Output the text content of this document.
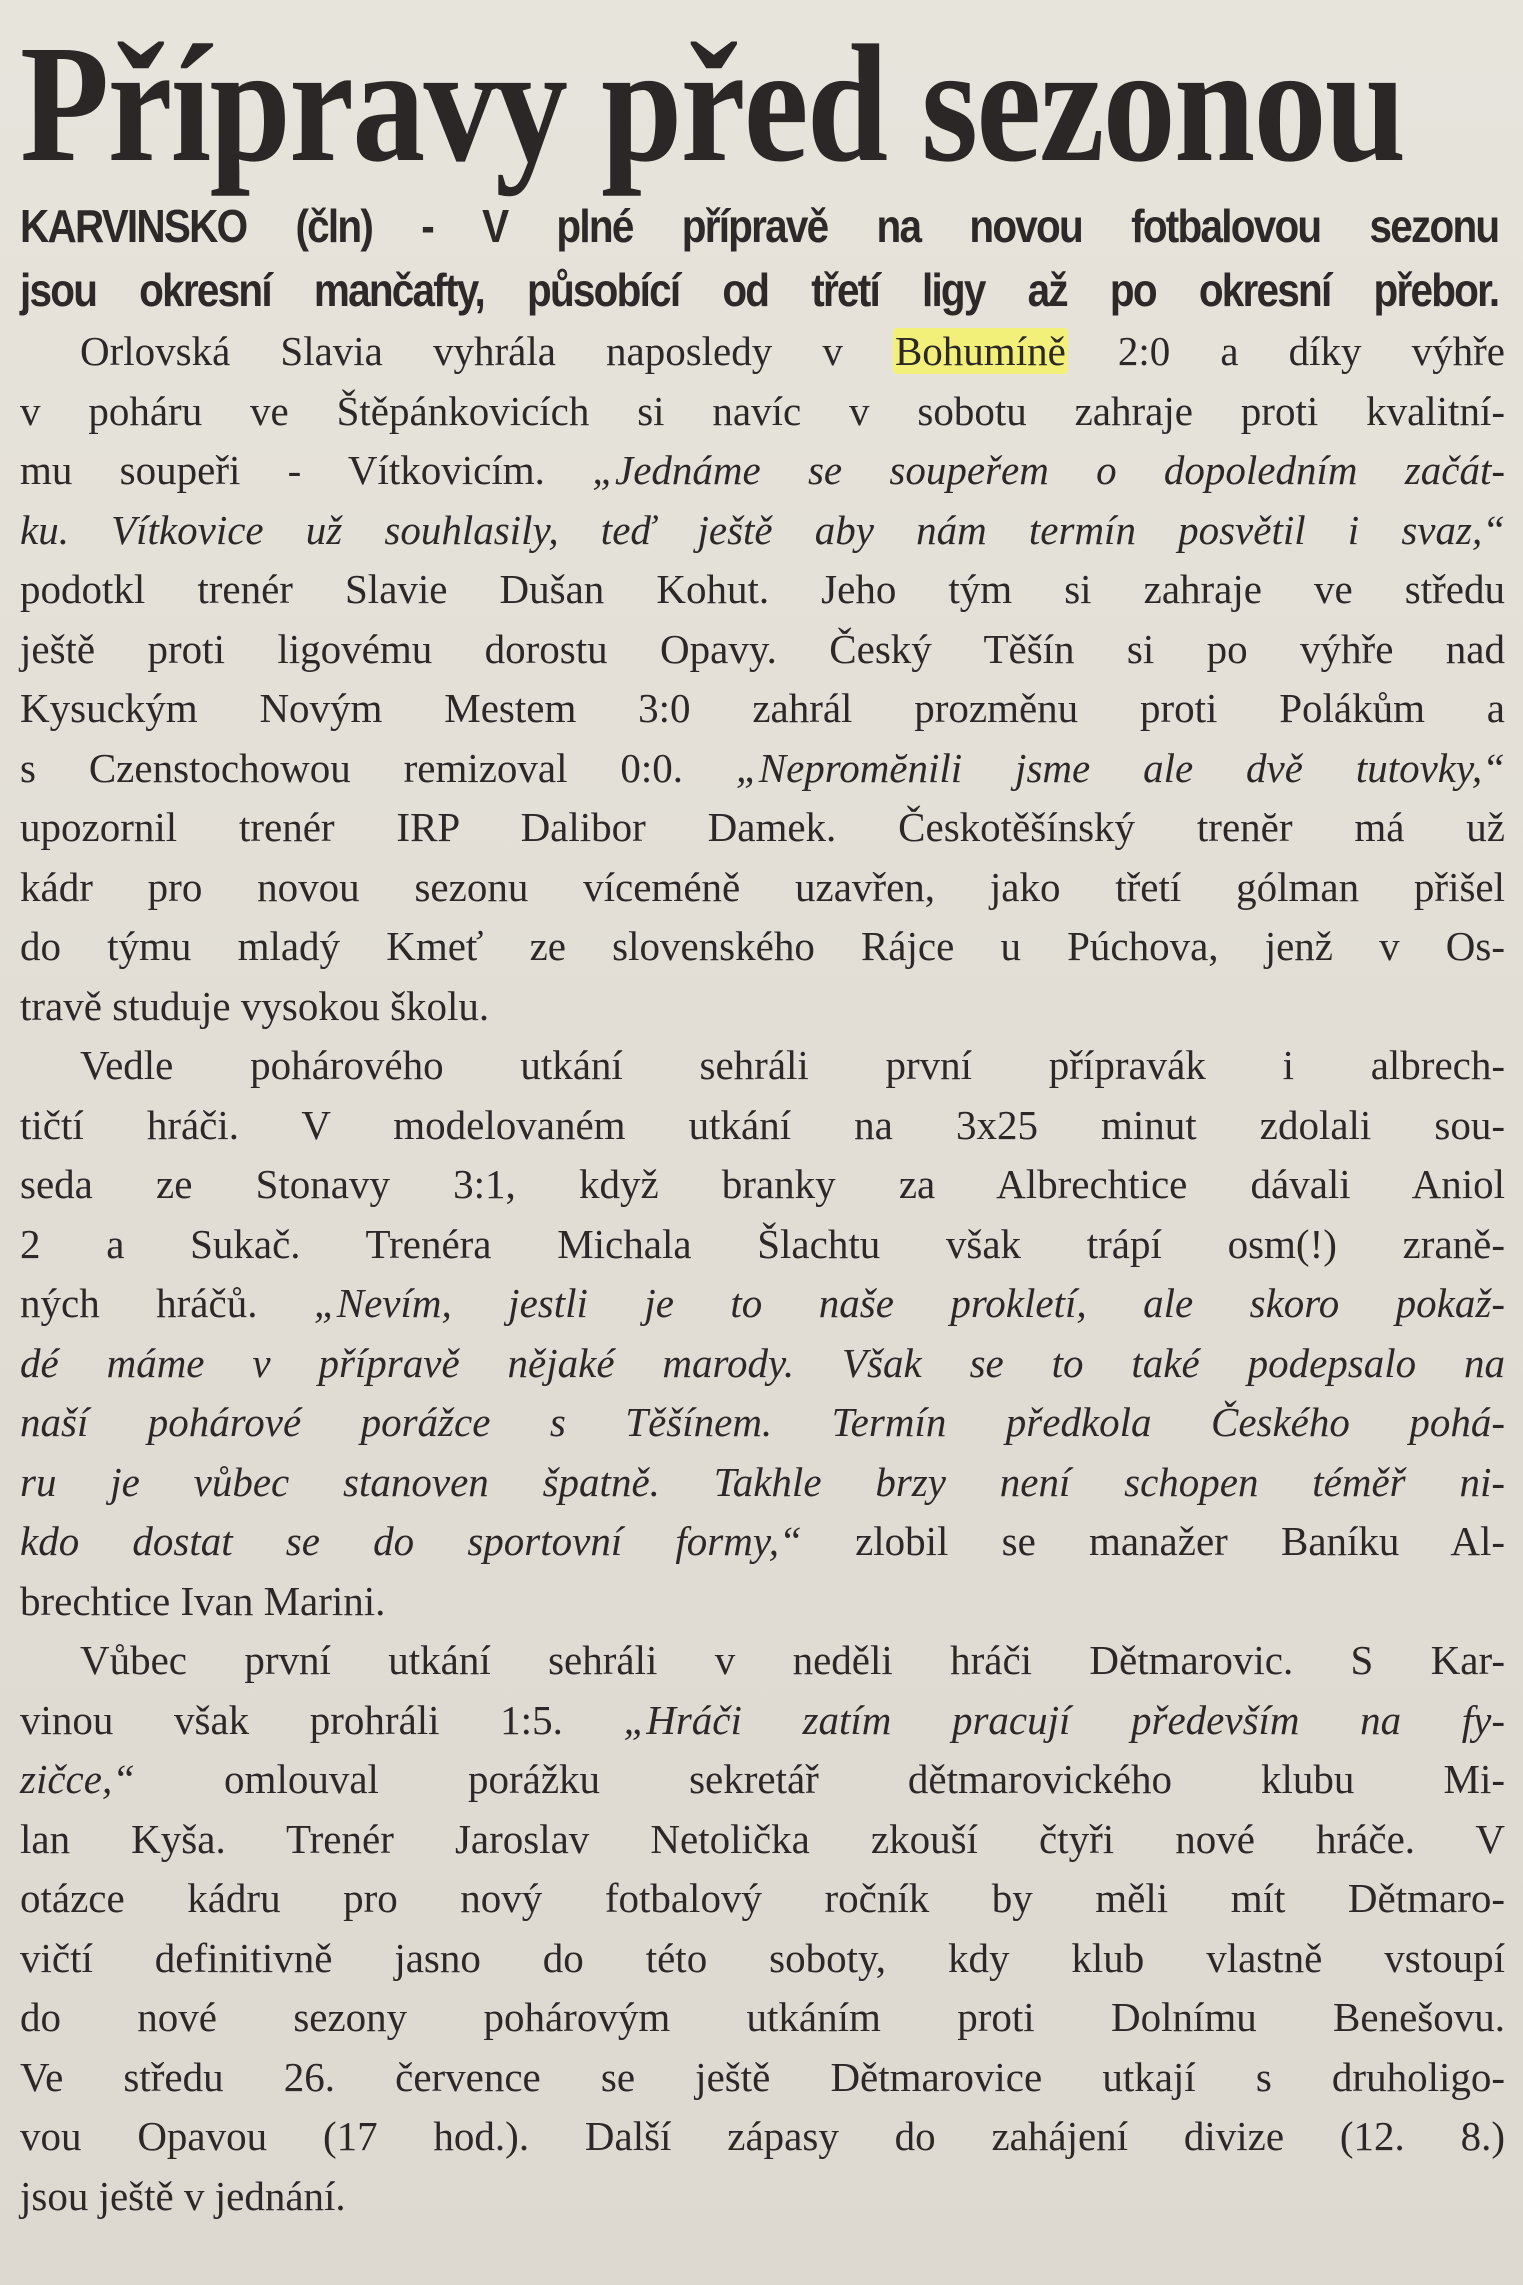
Přípravy před sezonou
KARVINSKO (čln) - V plné přípravě na novou fotbalovou sezonu
jsou okresní mančafty, působící od třetí ligy až po okresní přebor.
Orlovská Slavia vyhrála naposledy v Bohumíně 2:0 a díky výhře
v poháru ve Štěpánkovicích si navíc v sobotu zahraje proti kvalitní-
mu soupeři - Vítkovicím. „Jednáme se soupeřem o dopoledním začát-
ku. Vítkovice už souhlasily, teď ještě aby nám termín posvětil i svaz,“
podotkl trenér Slavie Dušan Kohut. Jeho tým si zahraje ve středu
ještě proti ligovému dorostu Opavy. Český Těšín si po výhře nad
Kysuckým Novým Mestem 3:0 zahrál prozměnu proti Polákům a
s Czenstochowou remizoval 0:0. „Nepromĕnili jsme ale dvě tutovky,“
upozornil trenér IRP Dalibor Damek. Českotěšínský trenĕr má už
kádr pro novou sezonu víceméně uzavřen, jako třetí gólman přišel
do týmu mladý Kmeť ze slovenského Rájce u Púchova, jenž v Os-
travě studuje vysokou školu.
Vedle pohárového utkání sehráli první přípravák i albrech-
tičtí hráči. V modelovaném utkání na 3x25 minut zdolali sou-
seda ze Stonavy 3:1, když branky za Albrechtice dávali Aniol
2 a Sukač. Trenéra Michala Šlachtu však trápí osm(!) zraně-
ných hráčů. „Nevím, jestli je to naše prokletí, ale skoro pokaž-
dé máme v přípravě nějaké marody. Však se to také podepsalo na
naší pohárové porážce s Těšínem. Termín předkola Českého pohá-
ru je vůbec stanoven špatně. Takhle brzy není schopen téměř ni-
kdo dostat se do sportovní formy,“ zlobil se manažer Baníku Al-
brechtice Ivan Marini.
Vůbec první utkání sehráli v neděli hráči Dětmarovic. S Kar-
vinou však prohráli 1:5. „Hráči zatím pracují především na fy-
zičce,“ omlouval porážku sekretář dětmarovického klubu Mi-
lan Kyša. Trenér Jaroslav Netolička zkouší čtyři nové hráče. V
otázce kádru pro nový fotbalový ročník by měli mít Dětmaro-
vičtí definitivně jasno do této soboty, kdy klub vlastně vstoupí
do nové sezony pohárovým utkáním proti Dolnímu Benešovu.
Ve středu 26. července se ještě Dětmarovice utkají s druholigo-
vou Opavou (17 hod.). Další zápasy do zahájení divize (12. 8.)
jsou ještě v jednání.
